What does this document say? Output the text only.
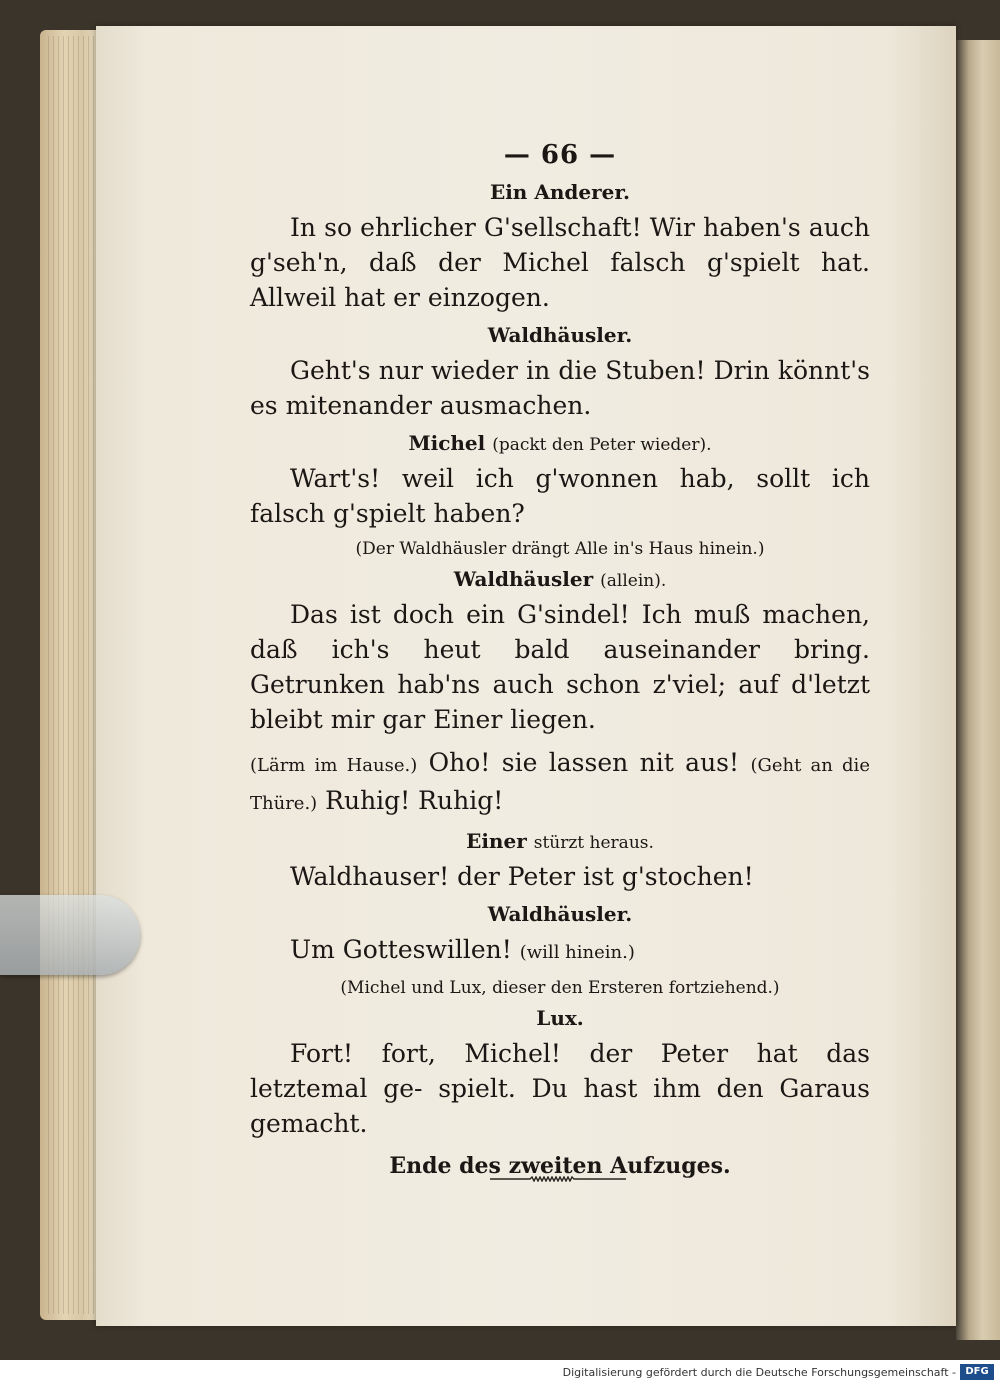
— 66 —
Ein Anderer.

In so ehrlicher G'sellschaft! Wir haben's auch g'seh'n, daß der Michel falsch g'spielt hat. Allweil hat er einzogen.

Waldhäusler.

Geht's nur wieder in die Stuben! Drin könnt's es mitenander ausmachen.

Michel (packt den Peter wieder).

Wart's! weil ich g'wonnen hab, sollt ich falsch g'spielt haben?

(Der Waldhäusler drängt Alle in's Haus hinein.)
Waldhäusler (allein).

Das ist doch ein G'sindel! Ich muß machen, daß ich's heut bald auseinander bring. Getrunken hab'ns auch schon z'viel; auf d'letzt bleibt mir gar Einer liegen.

(Lärm im Hause.) Oho! sie lassen nit aus! (Geht an die Thüre.) Ruhig! Ruhig!

Einer stürzt heraus.

Waldhauser! der Peter ist g'stochen!

Waldhäusler.

Um Gotteswillen! (will hinein.)

(Michel und Lux, dieser den Ersteren fortziehend.)
Lux.

Fort! fort, Michel! der Peter hat das letztemal ge- spielt. Du hast ihm den Garaus gemacht.

Ende des zweiten Aufzuges.
Digitalisierung gefördert durch die Deutsche Forschungsgemeinschaft - DFG
